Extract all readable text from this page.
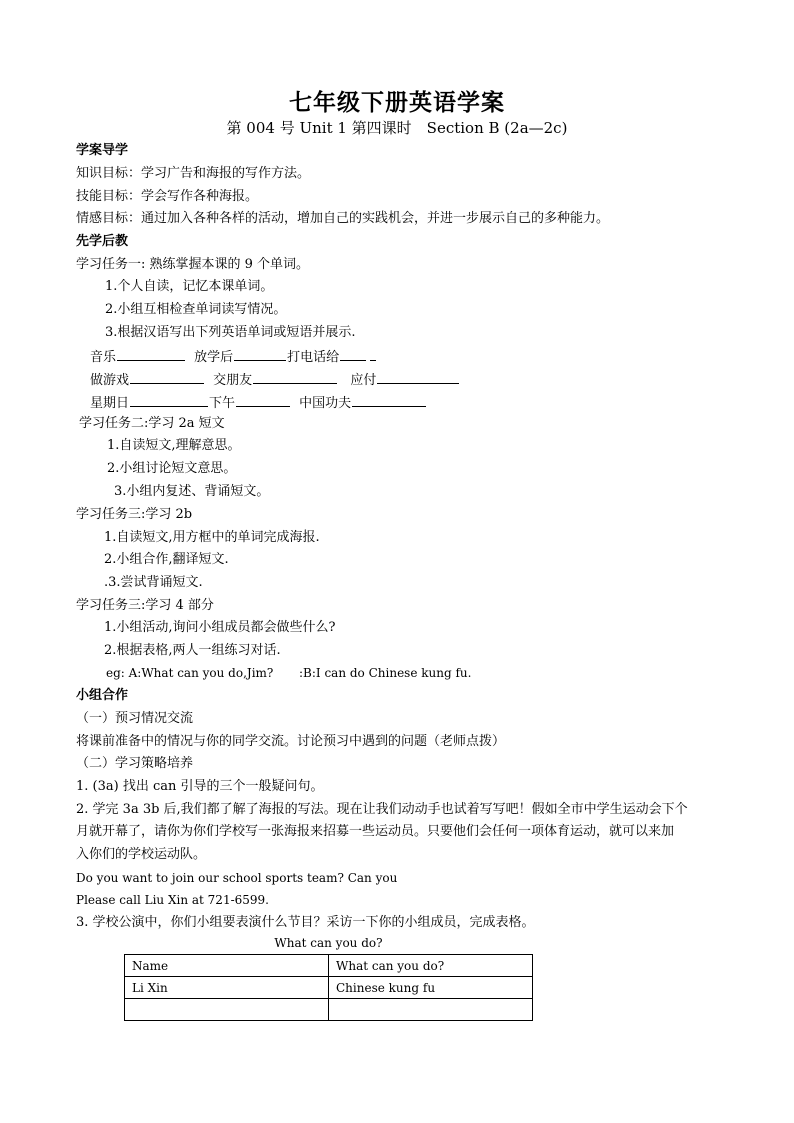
七年级下册英语学案
第 004 号 Unit 1 第四课时　Section B (2a—2c)
学案导学
知识目标：学习广告和海报的写作方法。
技能目标：学会写作各种海报。
情感目标：通过加入各种各样的活动，增加自己的实践机会，并进一步展示自己的多种能力。
先学后教
学习任务一: 熟练掌握本课的 9 个单词。
1.个人自读，记忆本课单词。
2.小组互相检查单词读写情况。
3.根据汉语写出下列英语单词或短语并展示.
音乐	放学后	打电话给
做游戏	交朋友	应付
星期日	下午	中国功夫
学习任务二:学习 2a 短文
1.自读短文,理解意思。
2.小组讨论短文意思。
3.小组内复述、背诵短文。
学习任务三:学习 2b
1.自读短文,用方框中的单词完成海报.
2.小组合作,翻译短文.
.3.尝试背诵短文.
学习任务三:学习 4 部分
1.小组活动,询问小组成员都会做些什么?
2.根据表格,两人一组练习对话.
eg: A:What can you do,Jim? :B:I can do Chinese kung fu.
小组合作
（一）预习情况交流
将课前准备中的情况与你的同学交流。讨论预习中遇到的问题（老师点拨）
（二）学习策略培养
1. (3a) 找出 can 引导的三个一般疑问句。
2. 学完 3a 3b 后,我们都了解了海报的写法。现在让我们动动手也试着写写吧！假如全市中学生运动会下个
月就开幕了，请你为你们学校写一张海报来招募一些运动员。只要他们会任何一项体育运动，就可以来加
入你们的学校运动队。
Do you want to join our school sports team? Can you
Please call Liu Xin at 721-6599.
3. 学校公演中，你们小组要表演什么节目？采访一下你的小组成员，完成表格。
What can you do?
Name	What can you do?
Li Xin	Chinese kung fu
